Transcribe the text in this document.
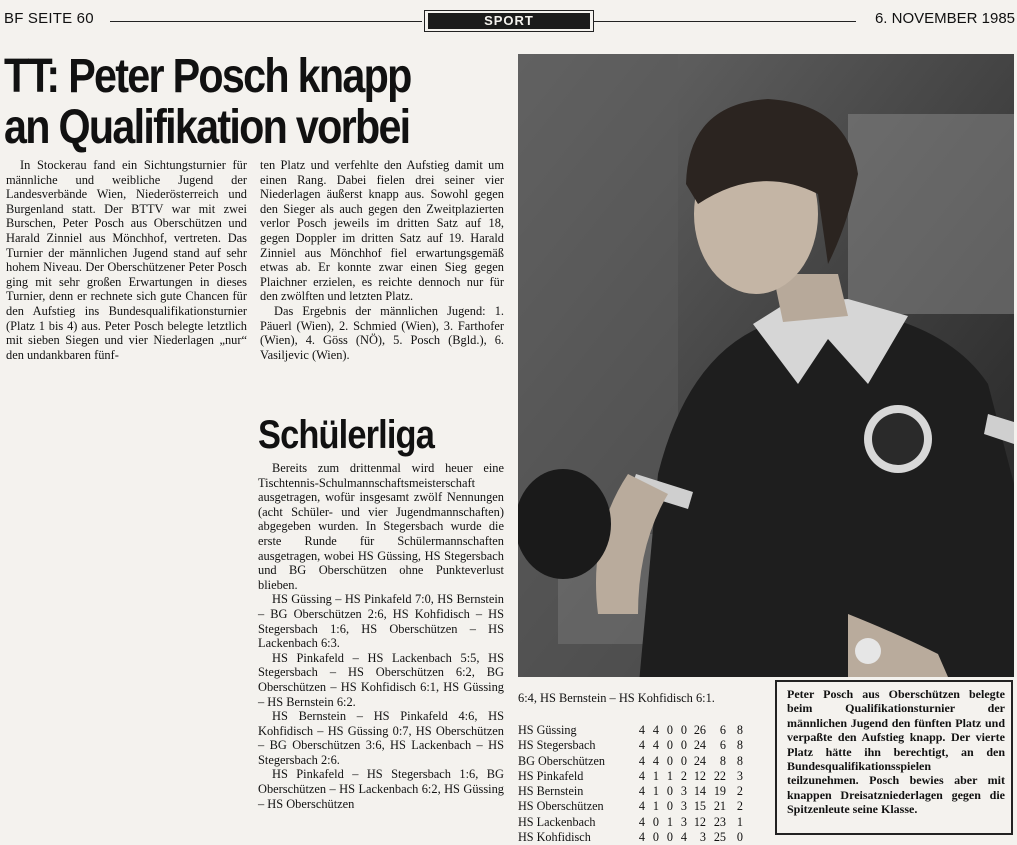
BF SEITE 60	SPORT	6. NOVEMBER 1985
TT: Peter Posch knapp
an Qualifikation vorbei

In Stockerau fand ein Sichtungsturnier für männliche und weibliche Jugend der Landesverbände Wien, Niederösterreich und Burgenland statt. Der BTTV war mit zwei Burschen, Peter Posch aus Oberschützen und Harald Zinniel aus Mönchhof, vertreten. Das Turnier der männlichen Jugend stand auf sehr hohem Niveau. Der Oberschützener Peter Posch ging mit sehr großen Erwartungen in dieses Turnier, denn er rechnete sich gute Chancen für den Aufstieg ins Bundesqualifikationsturnier (Platz 1 bis 4) aus. Peter Posch belegte letztlich mit sieben Siegen und vier Niederlagen „nur“ den undankbaren fünf-

ten Platz und verfehlte den Aufstieg damit um einen Rang. Dabei fielen drei seiner vier Niederlagen äußerst knapp aus. Sowohl gegen den Sieger als auch gegen den Zweitplazierten verlor Posch jeweils im dritten Satz auf 18, gegen Doppler im dritten Satz auf 19. Harald Zinniel aus Mönchhof fiel erwartungsgemäß etwas ab. Er konnte zwar einen Sieg gegen Plaichner erzielen, es reichte dennoch nur für den zwölften und letzten Platz.

Das Ergebnis der männlichen Jugend: 1. Päuerl (Wien), 2. Schmied (Wien), 3. Farthofer (Wien), 4. Göss (NÖ), 5. Posch (Bgld.), 6. Vasiljevic (Wien).

Schülerliga

Bereits zum drittenmal wird heuer eine Tischtennis-Schulmannschaftsmeisterschaft ausgetragen, wofür insgesamt zwölf Nennungen (acht Schüler- und vier Jugendmannschaften) abgegeben wurden. In Stegersbach wurde die erste Runde für Schülermannschaften ausgetragen, wobei HS Güssing, HS Stegersbach und BG Oberschützen ohne Punkteverlust blieben.

HS Güssing – HS Pinkafeld 7:0, HS Bernstein – BG Oberschützen 2:6, HS Kohfidisch – HS Stegersbach 1:6, HS Oberschützen – HS Lackenbach 6:3.

HS Pinkafeld – HS Lackenbach 5:5, HS Stegersbach – HS Oberschützen 6:2, BG Oberschützen – HS Kohfidisch 6:1, HS Güssing – HS Bernstein 6:2.

HS Bernstein – HS Pinkafeld 4:6, HS Kohfidisch – HS Güssing 0:7, HS Oberschützen – BG Oberschützen 3:6, HS Lackenbach – HS Stegersbach 2:6.

HS Pinkafeld – HS Stegersbach 1:6, BG Oberschützen – HS Lackenbach 6:2, HS Güssing – HS Oberschützen

6:4, HS Bernstein – HS Kohfidisch 6:1.

HS Güssing	4	4	0	0	26	6	8
HS Stegersbach	4	4	0	0	24	6	8
BG Oberschützen	4	4	0	0	24	8	8
HS Pinkafeld	4	1	1	2	12	22	3
HS Bernstein	4	1	0	3	14	19	2
HS Oberschützen	4	1	0	3	15	21	2
HS Lackenbach	4	0	1	3	12	23	1
HS Kohfidisch	4	0	0	4	3	25	0
Peter Posch aus Oberschützen belegte beim Qualifikationsturnier der männlichen Jugend den fünften Platz und verpaßte den Aufstieg knapp. Der vierte Platz hätte ihn berechtigt, an den Bundesqualifikationsspielen teilzunehmen. Posch bewies aber mit knappen Dreisatzniederlagen gegen die Spitzenleute seine Klasse.
